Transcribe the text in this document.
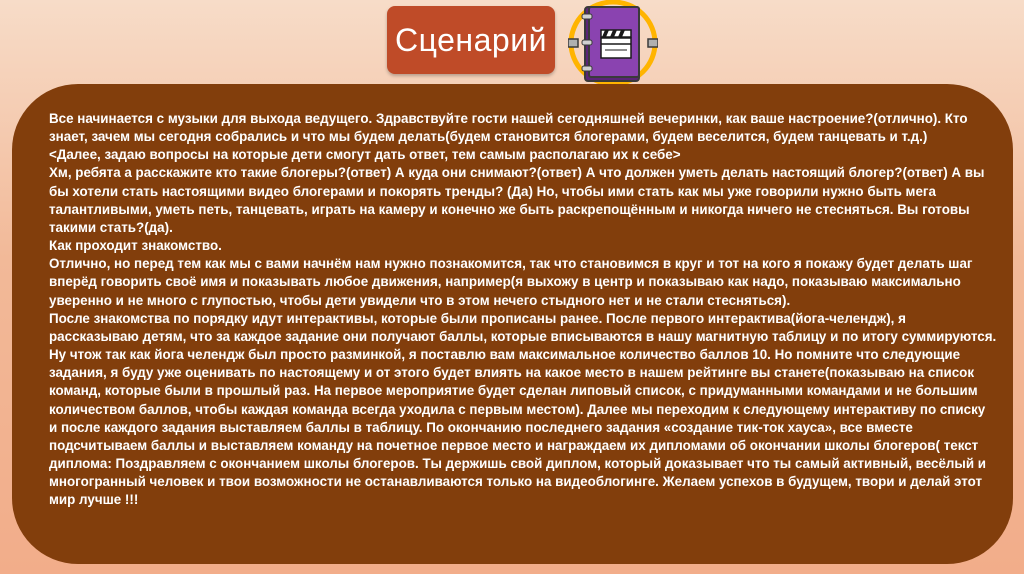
Сценарий
Все начинается с музыки для выхода ведущего. Здравствуйте гости нашей сегодняшней вечеринки, как ваше настроение?(отлично). Кто
знает, зачем мы сегодня собрались и что мы будем делать(будем становится блогерами, будем веселится, будем танцевать и т.д.)
<Далее, задаю вопросы на которые дети смогут дать ответ, тем самым располагаю их к себе>
Хм, ребята а расскажите кто такие блогеры?(ответ) А куда они снимают?(ответ) А что должен уметь делать настоящий блогер?(ответ) А вы
бы хотели стать настоящими видео блогерами и покорять тренды? (Да) Но, чтобы ими стать как мы уже говорили нужно быть мега
талантливыми, уметь петь, танцевать, играть на камеру и конечно же быть раскрепощённым и никогда ничего не стесняться. Вы готовы
такими стать?(да).
Как проходит знакомство.
Отлично, но перед тем как мы с вами начнём нам нужно познакомится, так что становимся в круг и тот на кого я покажу будет делать шаг
вперёд говорить своё имя и показывать любое движения, например(я выхожу в центр и показываю как надо, показываю максимально
уверенно и не много с глупостью, чтобы дети увидели что в этом нечего стыдного нет и не стали стесняться).
После знакомства по порядку идут интерактивы, которые были прописаны ранее. После первого интерактива(йога-челендж), я
рассказываю детям, что за каждое задание они получают баллы, которые вписываются в нашу магнитную таблицу и по итогу суммируются.
Ну чтож так как йога челендж был просто разминкой, я поставлю вам максимальное количество баллов 10. Но помните что следующие
задания, я буду уже оценивать по настоящему и от этого будет влиять на какое место в нашем рейтинге вы станете(показываю на список
команд, которые были в прошлый раз. На первое мероприятие будет сделан липовый список, с придуманными командами и не большим
количеством баллов, чтобы каждая команда всегда уходила с первым местом). Далее мы переходим к следующему интерактиву по списку
и после каждого задания выставляем баллы в таблицу. По окончанию последнего задания «создание тик-ток хауса», все вместе
подсчитываем баллы и выставляем команду на почетное первое место и награждаем их дипломами об окончании школы блогеров( текст
диплома: Поздравляем с окончанием школы блогеров. Ты держишь свой диплом, который доказывает что ты самый активный, весёлый и
многогранный человек и твои возможности не останавливаются только на видеоблогинге. Желаем успехов в будущем, твори и делай этот
мир лучше !!!
